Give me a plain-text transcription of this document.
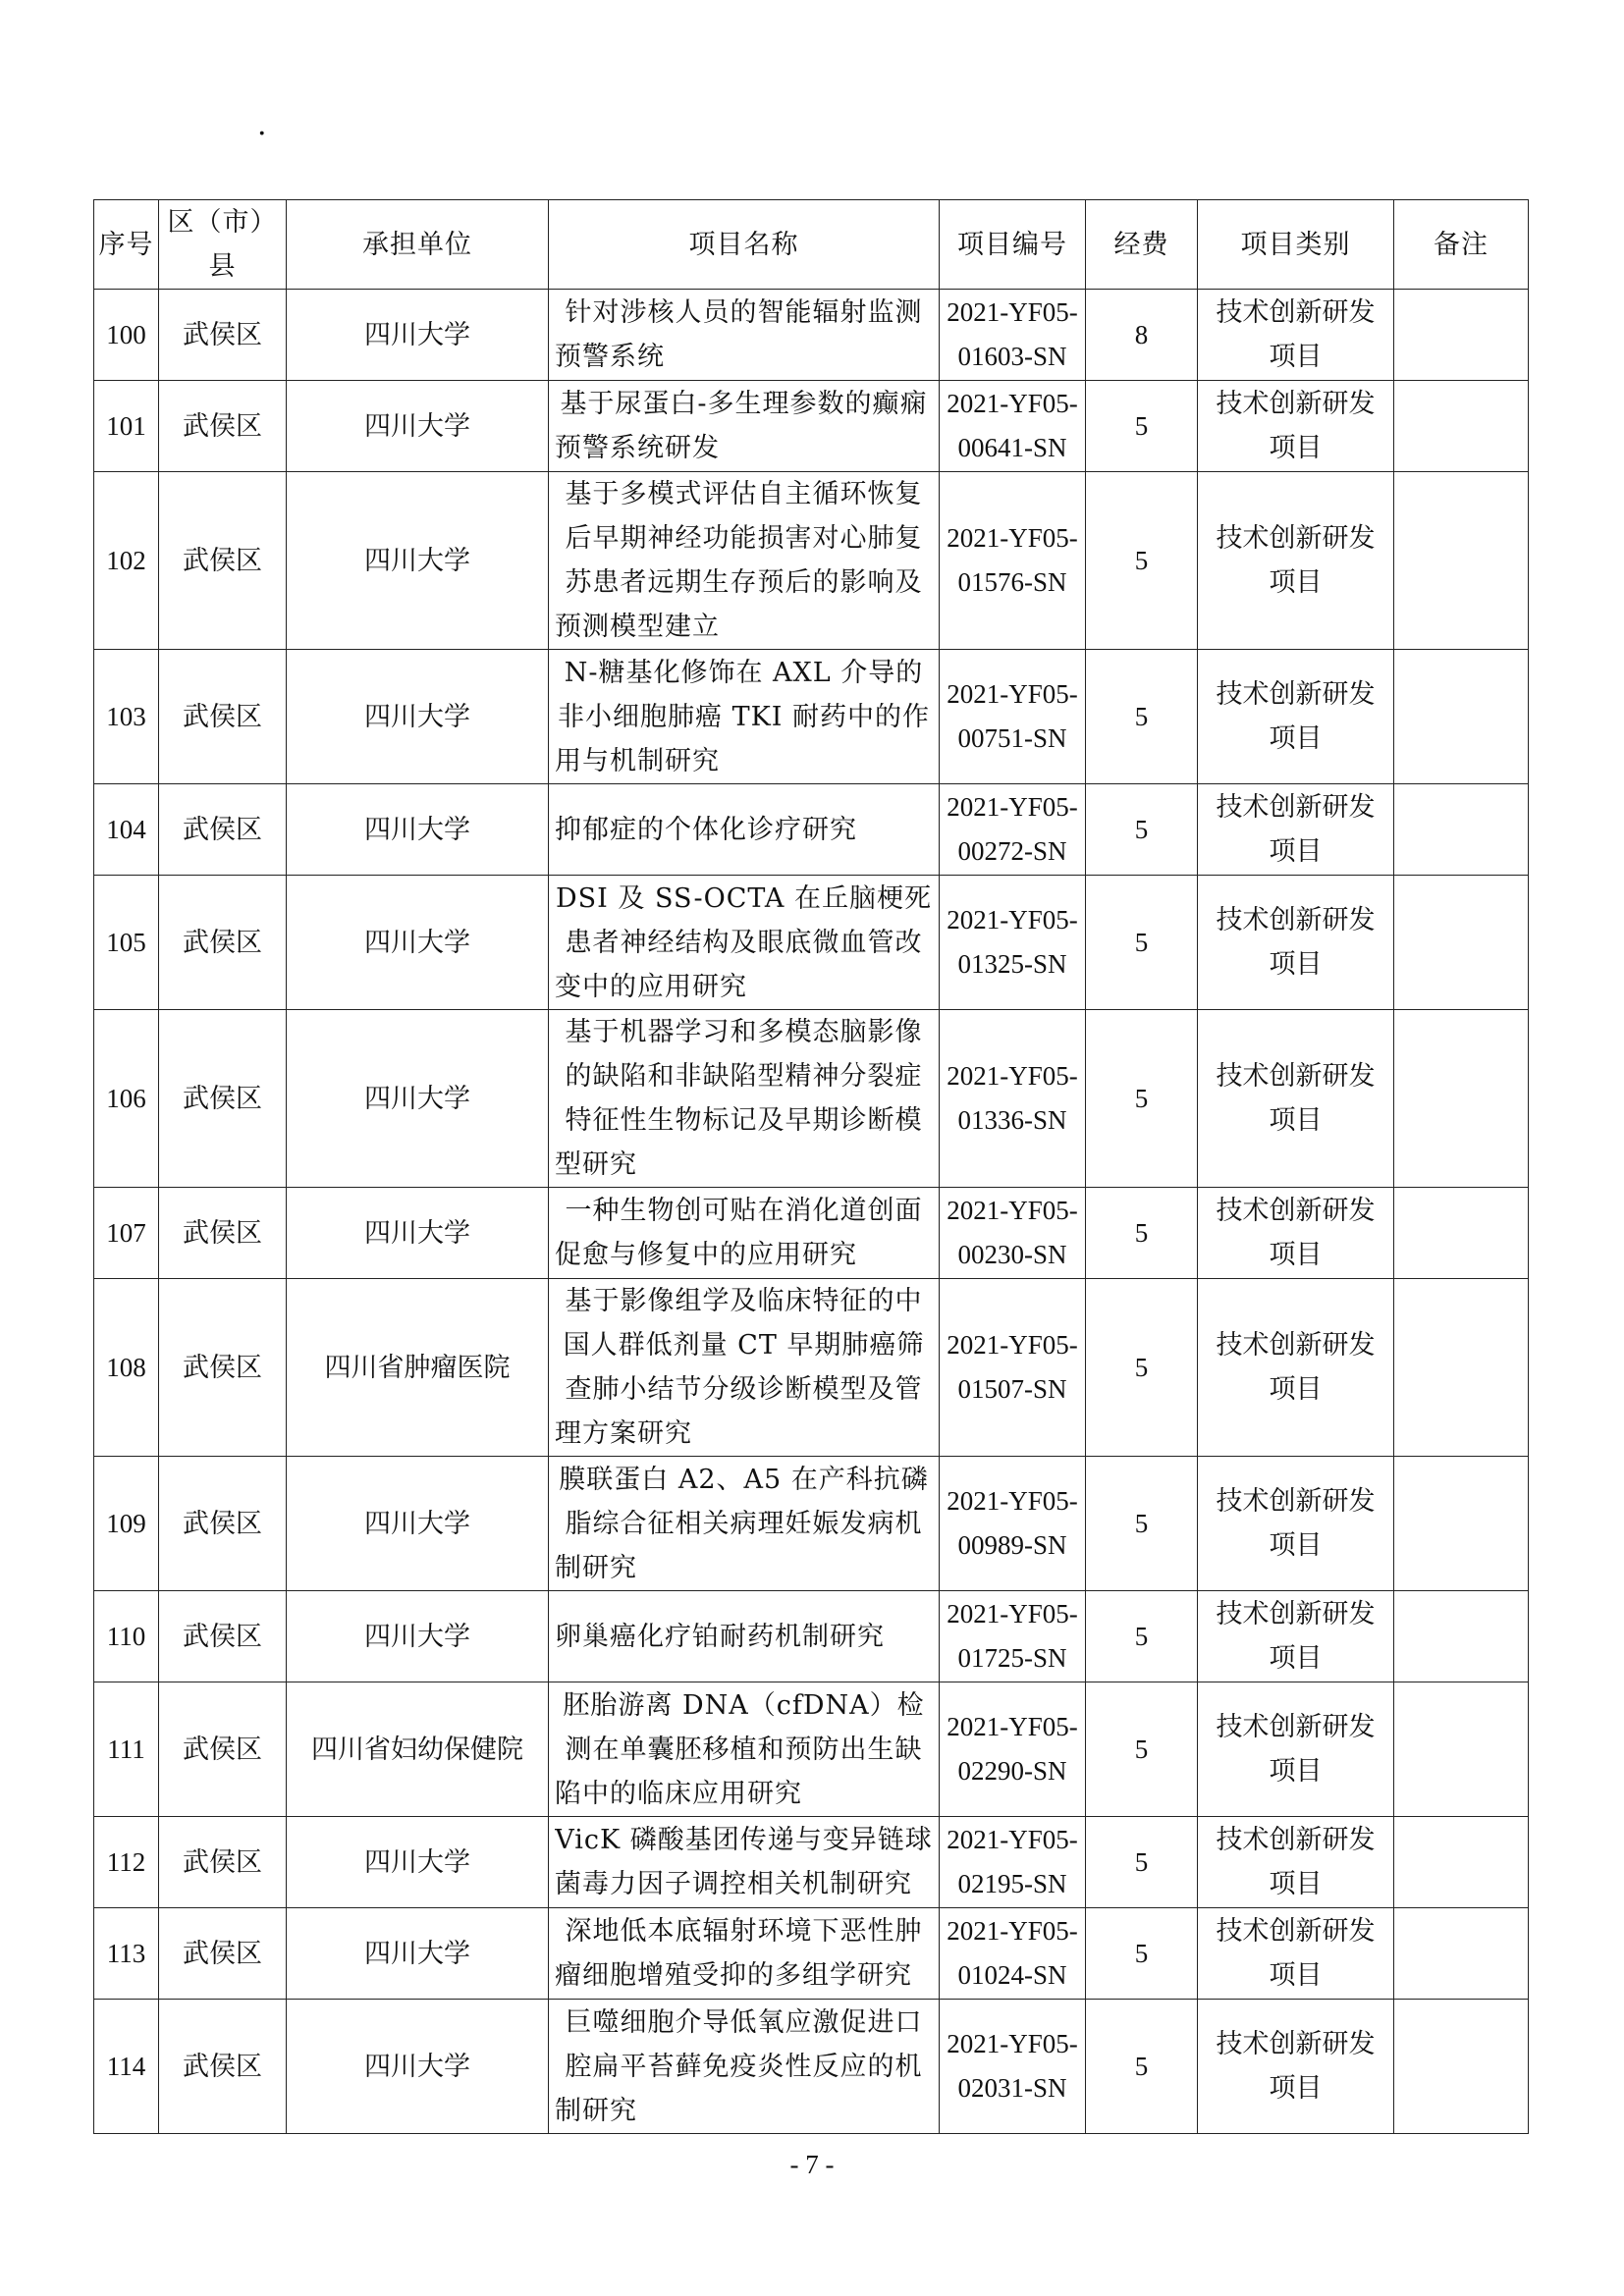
·
序号	区（市）县	承担单位	项目名称	项目编号	经费	项目类别	备注
100	武侯区	四川大学	针对涉核人员的智能辐射监测预警系统	2021-YF05-01603-SN	8	技术创新研发项目	
101	武侯区	四川大学	基于尿蛋白-多生理参数的癫痫预警系统研发	2021-YF05-00641-SN	5	技术创新研发项目	
102	武侯区	四川大学	基于多模式评估自主循环恢复后早期神经功能损害对心肺复苏患者远期生存预后的影响及预测模型建立	2021-YF05-01576-SN	5	技术创新研发项目	
103	武侯区	四川大学	N-糖基化修饰在 AXL 介导的非小细胞肺癌 TKI 耐药中的作用与机制研究	2021-YF05-00751-SN	5	技术创新研发项目	
104	武侯区	四川大学	抑郁症的个体化诊疗研究	2021-YF05-00272-SN	5	技术创新研发项目	
105	武侯区	四川大学	DSI 及 SS-OCTA 在丘脑梗死患者神经结构及眼底微血管改变中的应用研究	2021-YF05-01325-SN	5	技术创新研发项目	
106	武侯区	四川大学	基于机器学习和多模态脑影像的缺陷和非缺陷型精神分裂症特征性生物标记及早期诊断模型研究	2021-YF05-01336-SN	5	技术创新研发项目	
107	武侯区	四川大学	一种生物创可贴在消化道创面促愈与修复中的应用研究	2021-YF05-00230-SN	5	技术创新研发项目	
108	武侯区	四川省肿瘤医院	基于影像组学及临床特征的中国人群低剂量 CT 早期肺癌筛查肺小结节分级诊断模型及管理方案研究	2021-YF05-01507-SN	5	技术创新研发项目	
109	武侯区	四川大学	膜联蛋白 A2、A5 在产科抗磷脂综合征相关病理妊娠发病机制研究	2021-YF05-00989-SN	5	技术创新研发项目	
110	武侯区	四川大学	卵巢癌化疗铂耐药机制研究	2021-YF05-01725-SN	5	技术创新研发项目	
111	武侯区	四川省妇幼保健院	胚胎游离 DNA（cfDNA）检测在单囊胚移植和预防出生缺陷中的临床应用研究	2021-YF05-02290-SN	5	技术创新研发项目	
112	武侯区	四川大学	VicK 磷酸基团传递与变异链球菌毒力因子调控相关机制研究	2021-YF05-02195-SN	5	技术创新研发项目	
113	武侯区	四川大学	深地低本底辐射环境下恶性肿瘤细胞增殖受抑的多组学研究	2021-YF05-01024-SN	5	技术创新研发项目	
114	武侯区	四川大学	巨噬细胞介导低氧应激促进口腔扁平苔藓免疫炎性反应的机制研究	2021-YF05-02031-SN	5	技术创新研发项目	
- 7 -
